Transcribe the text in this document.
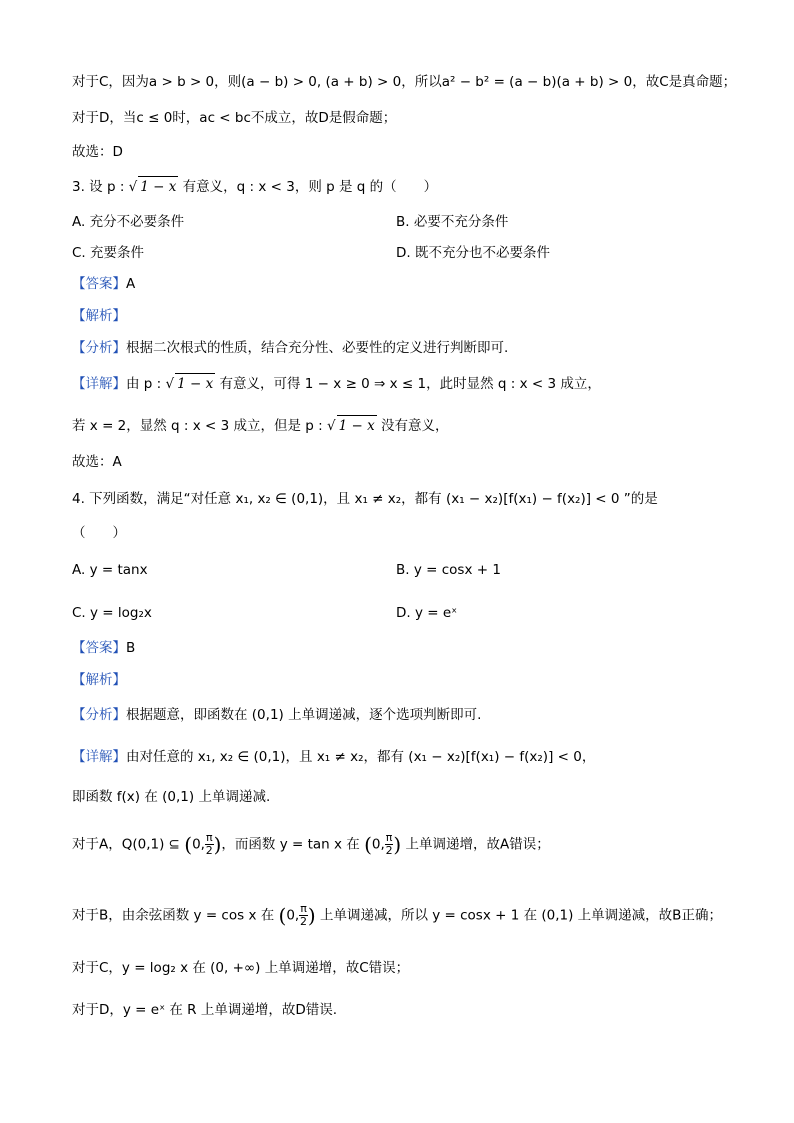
对于C，因为a > b > 0，则(a − b) > 0, (a + b) > 0，所以a² − b² = (a − b)(a + b) > 0，故C是真命题；
对于D，当c ≤ 0时，ac < bc不成立，故D是假命题；
故选：D
3. 设 p : √ 1 − x 有意义，q : x < 3，则 p 是 q 的（　　）
A. 充分不必要条件	B. 必要不充分条件
C. 充要条件	D. 既不充分也不必要条件
【答案】A
【解析】
【分析】根据二次根式的性质，结合充分性、必要性的定义进行判断即可.
【详解】由 p : √ 1 − x 有意义，可得 1 − x ≥ 0 ⇒ x ≤ 1，此时显然 q : x < 3 成立，
若 x = 2，显然 q : x < 3 成立，但是 p : √ 1 − x 没有意义，
故选：A
4. 下列函数，满足“对任意 x₁, x₂ ∈ (0,1)，且 x₁ ≠ x₂，都有 (x₁ − x₂)[f(x₁) − f(x₂)] < 0 ”的是
（　　）
A. y = tanx	B. y = cosx + 1
C. y = log₂x	D. y = eˣ
【答案】B
【解析】
【分析】根据题意，即函数在 (0,1) 上单调递减，逐个选项判断即可.
【详解】由对任意的 x₁, x₂ ∈ (0,1)，且 x₁ ≠ x₂，都有 (x₁ − x₂)[f(x₁) − f(x₂)] < 0，
即函数 f(x) 在 (0,1) 上单调递减.
对于A，Q(0,1) ⊆ (0, $\frac{\pi}{2}$ )，而函数 y = tan x 在 (0, $\frac{\pi}{2}$ ) 上单调递增，故A错误；
对于B，由余弦函数 y = cos x 在 (0, $\frac{\pi}{2}$ ) 上单调递减，所以 y = cosx + 1 在 (0,1) 上单调递减，故B正确；
对于C，y = log₂ x 在 (0, +∞) 上单调递增，故C错误；
对于D，y = eˣ 在 R 上单调递增，故D错误.
